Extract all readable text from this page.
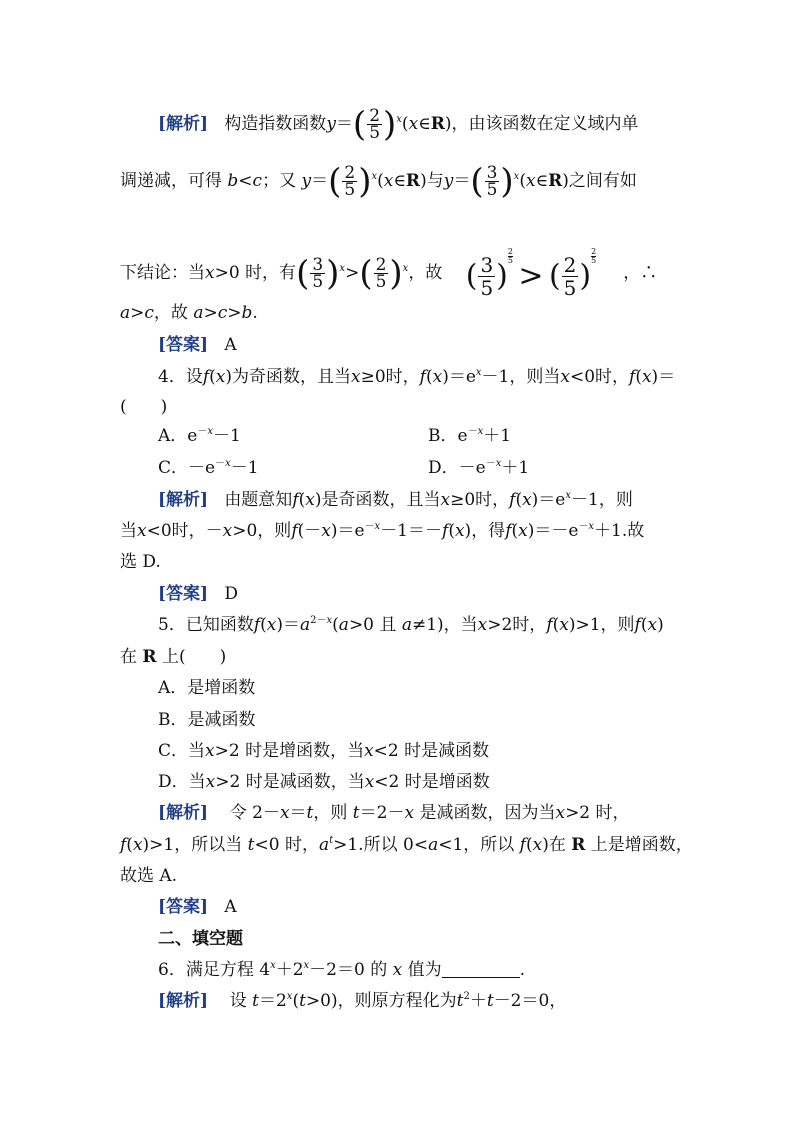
[解析] 构造指数函数$y=( \frac{2}{5}$ )$^x(x\in R)$，由该函数在定义域内单
调递减，可得 b<c；又 $y=( \frac{2}{5}$ )$^x(x\in R)$与$y=( \frac{3}{5}$ )$^x(x\in R)$之间有如
下结论：当x>0 时，有( $\frac{3}{5} )^x>( \frac{2}{5} )^x$，故 ( $\frac{3}{5}$ )
$\frac{2}{5}$
> ( $\frac{2}{5}$ )
$\frac{2}{5}$
，∴
a>c，故 a>c>b.
[答案] A
4．设f(x)为奇函数，且当x≥0时，$f(x)=e^x-1$，则当x<0时，f(x)＝
(　　)
A．$e^{-x}-1$	B．$e^{-x}+1$
C．$-e^{-x}-1$	D．$-e^{-x}+1$
[解析] 由题意知f(x)是奇函数，且当x≥0时，$f(x)=e^x-1$，则
当x<0时，－x>0，则$f(-x)=e^{-x}-1=-f(x)$，得$f(x)=-e^{-x}+1$.故
选 D.
[答案] D
5．已知函数$f(x)=a^{2-x}(a>0$ 且 a≠1)，当x>2时，f(x)>1，则f(x)
在 R 上(　　)
A．是增函数
B．是减函数
C．当x>2 时是增函数，当x<2 时是减函数
D．当x>2 时是减函数，当x<2 时是增函数
[解析] 令 2－x＝t，则 t＝2－x 是减函数，因为当x>2 时，
f(x)>1，所以当 t<0 时，$a^t>1$.所以 0<a<1，所以 f(x)在 R 上是增函数，
故选 A.
[答案] A
二、填空题
6．满足方程 $4^x+2^x-2=0$ 的 x 值为	.
[解析] 设 $t=2^x(t>0)$，则原方程化为$t^2+t-2=0$，
